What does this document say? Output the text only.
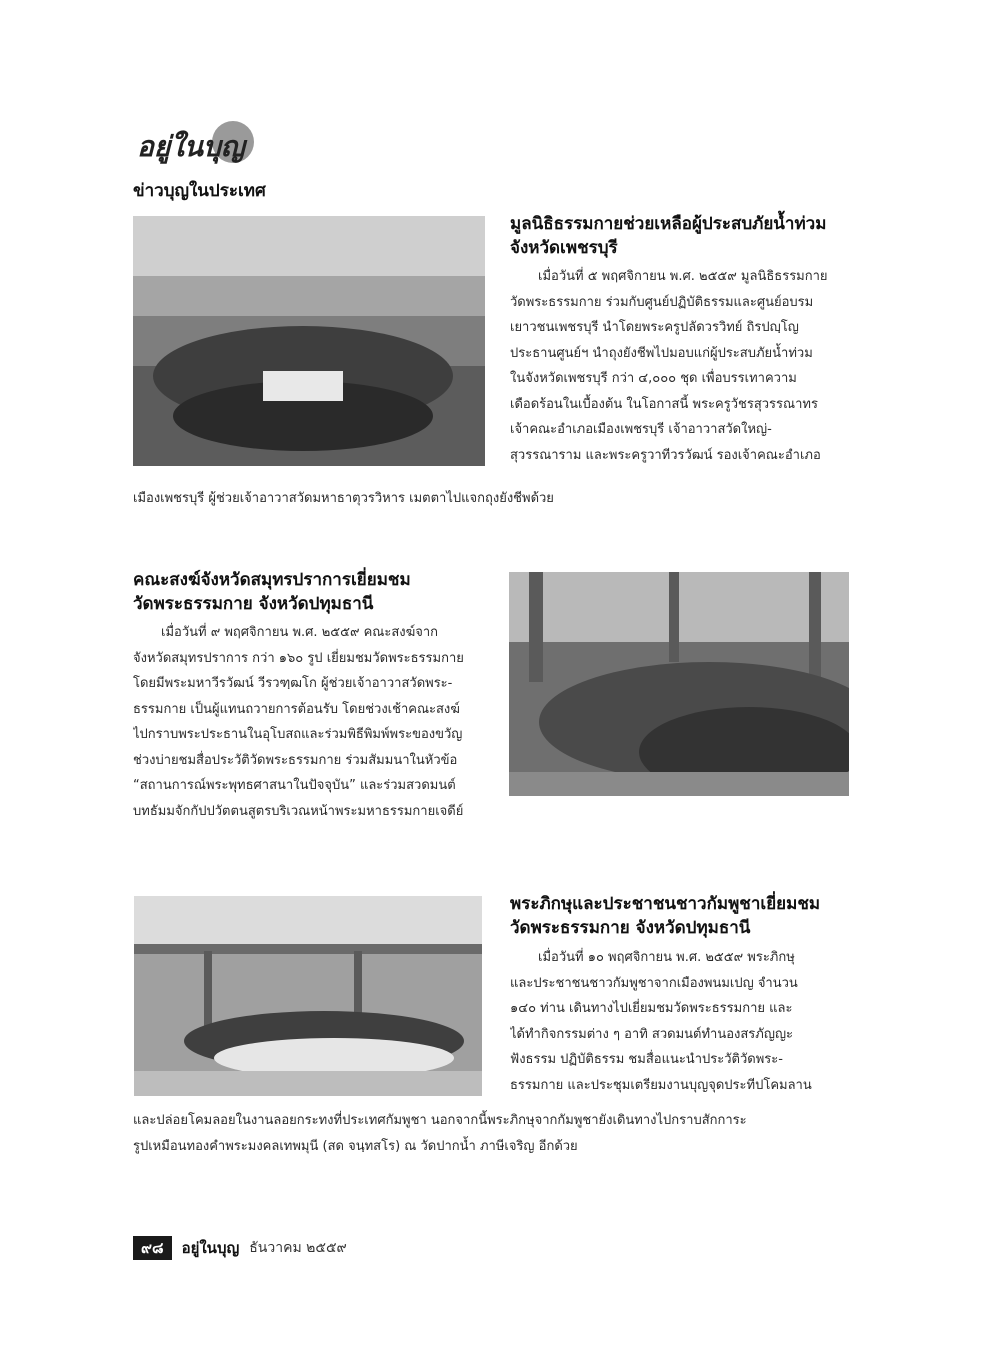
อยู่ในบุญ
ข่าวบุญในประเทศ
มูลนิธิธรรมกายช่วยเหลือผู้ประสบภัยน้ำท่วม
จังหวัดเพชรบุรี
เมื่อวันที่ ๕ พฤศจิกายน พ.ศ. ๒๕๕๙ มูลนิธิธรรมกาย
วัดพระธรรมกาย ร่วมกับศูนย์ปฏิบัติธรรมและศูนย์อบรม
เยาวชนเพชรบุรี นำโดยพระครูปลัดวรวิทย์ ถิรปญฺโญ
ประธานศูนย์ฯ นำถุงยังชีพไปมอบแก่ผู้ประสบภัยน้ำท่วม
ในจังหวัดเพชรบุรี กว่า ๔,๐๐๐ ชุด เพื่อบรรเทาความ
เดือดร้อนในเบื้องต้น ในโอกาสนี้ พระครูวัชรสุวรรณาทร
เจ้าคณะอำเภอเมืองเพชรบุรี เจ้าอาวาสวัดใหญ่-
สุวรรณาราม และพระครูวาทีวรวัฒน์ รองเจ้าคณะอำเภอ
เมืองเพชรบุรี ผู้ช่วยเจ้าอาวาสวัดมหาธาตุวรวิหาร เมตตาไปแจกถุงยังชีพด้วย
คณะสงฆ์จังหวัดสมุทรปราการเยี่ยมชม
วัดพระธรรมกาย จังหวัดปทุมธานี
เมื่อวันที่ ๙ พฤศจิกายน พ.ศ. ๒๕๕๙ คณะสงฆ์จาก
จังหวัดสมุทรปราการ กว่า ๑๖๐ รูป เยี่ยมชมวัดพระธรรมกาย
โดยมีพระมหาวีรวัฒน์ วีรวฑฺฒโก ผู้ช่วยเจ้าอาวาสวัดพระ-
ธรรมกาย เป็นผู้แทนถวายการต้อนรับ โดยช่วงเช้าคณะสงฆ์
ไปกราบพระประธานในอุโบสถและร่วมพิธีพิมพ์พระของขวัญ
ช่วงบ่ายชมสื่อประวัติวัดพระธรรมกาย ร่วมสัมมนาในหัวข้อ
“สถานการณ์พระพุทธศาสนาในปัจจุบัน” และร่วมสวดมนต์
บทธัมมจักกัปปวัตตนสูตรบริเวณหน้าพระมหาธรรมกายเจดีย์
พระภิกษุและประชาชนชาวกัมพูชาเยี่ยมชม
วัดพระธรรมกาย จังหวัดปทุมธานี
เมื่อวันที่ ๑๐ พฤศจิกายน พ.ศ. ๒๕๕๙ พระภิกษุ
และประชาชนชาวกัมพูชาจากเมืองพนมเปญ จำนวน
๑๔๐ ท่าน เดินทางไปเยี่ยมชมวัดพระธรรมกาย และ
ได้ทำกิจกรรมต่าง ๆ อาทิ สวดมนต์ทำนองสรภัญญะ
ฟังธรรม ปฏิบัติธรรม ชมสื่อแนะนำประวัติวัดพระ-
ธรรมกาย และประชุมเตรียมงานบุญจุดประทีปโคมลาน
และปล่อยโคมลอยในงานลอยกระทงที่ประเทศกัมพูชา นอกจากนี้พระภิกษุจากกัมพูชายังเดินทางไปกราบสักการะ
รูปเหมือนทองคำพระมงคลเทพมุนี (สด จนฺทสโร) ณ วัดปากน้ำ ภาษีเจริญ อีกด้วย
๙๘	อยู่ในบุญ ธันวาคม ๒๕๕๙
